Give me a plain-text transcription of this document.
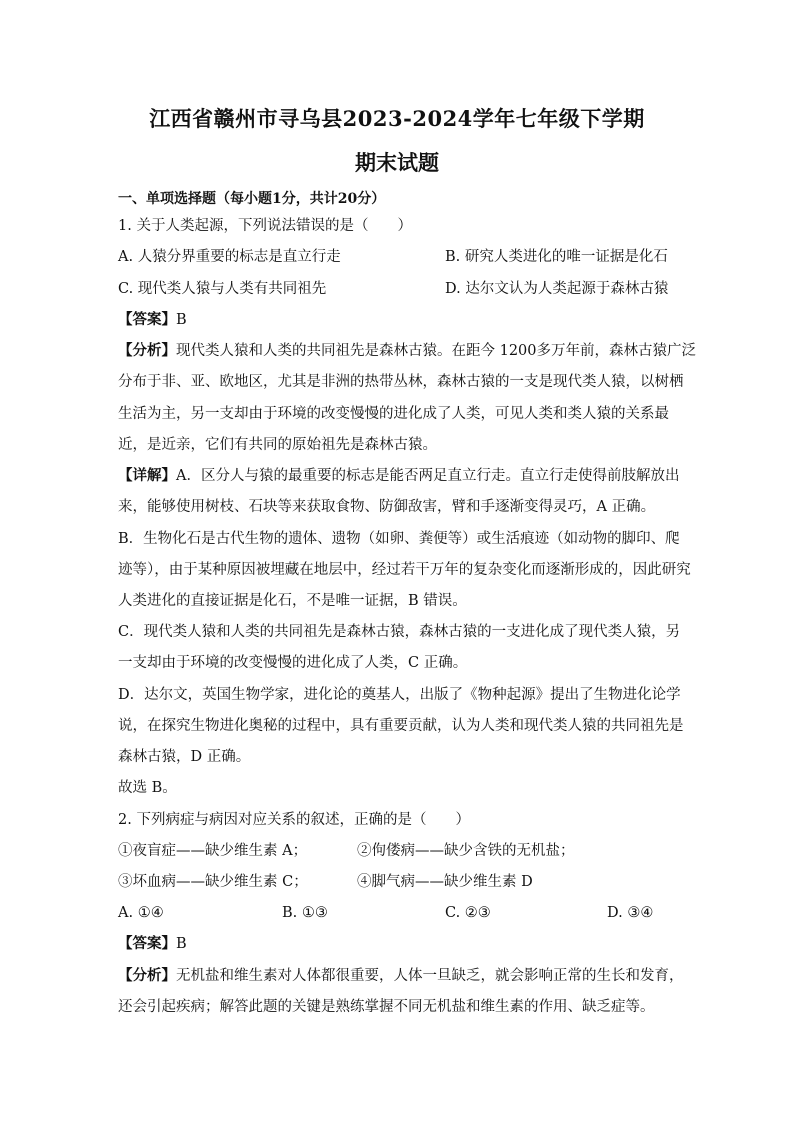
江西省赣州市寻乌县2023-2024学年七年级下学期
期末试题
一、单项选择题（每小题1分，共计20分）
1. 关于人类起源，下列说法错误的是（　　）
A. 人猿分界重要的标志是直立行走	B. 研究人类进化的唯一证据是化石
C. 现代类人猿与人类有共同祖先	D. 达尔文认为人类起源于森林古猿
【答案】B
【分析】现代类人猿和人类的共同祖先是森林古猿。在距今 1200多万年前，森林古猿广泛
分布于非、亚、欧地区，尤其是非洲的热带丛林，森林古猿的一支是现代类人猿，以树栖
生活为主，另一支却由于环境的改变慢慢的进化成了人类，可见人类和类人猿的关系最
近，是近亲，它们有共同的原始祖先是森林古猿。
【详解】A．区分人与猿的最重要的标志是能否两足直立行走。直立行走使得前肢解放出
来，能够使用树枝、石块等来获取食物、防御敌害，臂和手逐渐变得灵巧，A 正确。
B．生物化石是古代生物的遗体、遗物（如卵、粪便等）或生活痕迹（如动物的脚印、爬
迹等），由于某种原因被埋藏在地层中，经过若干万年的复杂变化而逐渐形成的，因此研究
人类进化的直接证据是化石，不是唯一证据，B 错误。
C．现代类人猿和人类的共同祖先是森林古猿，森林古猿的一支进化成了现代类人猿，另
一支却由于环境的改变慢慢的进化成了人类，C 正确。
D．达尔文，英国生物学家，进化论的奠基人，出版了《物种起源》提出了生物进化论学
说，在探究生物进化奥秘的过程中，具有重要贡献，认为人类和现代类人猿的共同祖先是
森林古猿，D 正确。
故选 B。
2. 下列病症与病因对应关系的叙述，正确的是（　　）
①夜盲症——缺少维生素 A；	②佝偻病——缺少含铁的无机盐；
③坏血病——缺少维生素 C；	④脚气病——缺少维生素 D
A. ①④	B. ①③	C. ②③	D. ③④
【答案】B
【分析】无机盐和维生素对人体都很重要，人体一旦缺乏，就会影响正常的生长和发育，
还会引起疾病；解答此题的关键是熟练掌握不同无机盐和维生素的作用、缺乏症等。
